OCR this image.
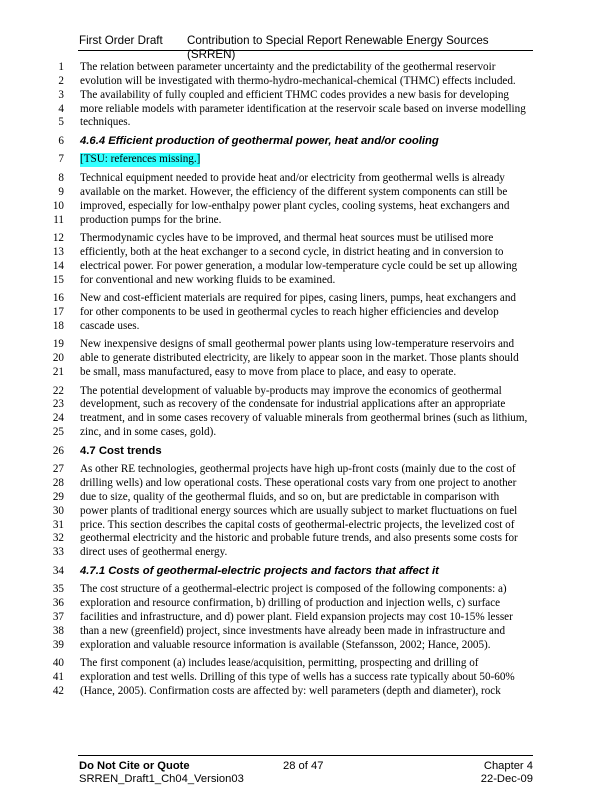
First Order Draft Contribution to Special Report Renewable Energy Sources (SRREN)
1 The relation between parameter uncertainty and the predictability of the geothermal reservoir
2 evolution will be investigated with thermo-hydro-mechanical-chemical (THMC) effects included.
3 The availability of fully coupled and efficient THMC codes provides a new basis for developing
4 more reliable models with parameter identification at the reservoir scale based on inverse modelling
5 techniques.
6 4.6.4 Efficient production of geothermal power, heat and/or cooling
7 [TSU: references missing.]
8 Technical equipment needed to provide heat and/or electricity from geothermal wells is already
9 available on the market. However, the efficiency of the different system components can still be
10 improved, especially for low-enthalpy power plant cycles, cooling systems, heat exchangers and
11 production pumps for the brine.
12 Thermodynamic cycles have to be improved, and thermal heat sources must be utilised more
13 efficiently, both at the heat exchanger to a second cycle, in district heating and in conversion to
14 electrical power. For power generation, a modular low-temperature cycle could be set up allowing
15 for conventional and new working fluids to be examined.
16 New and cost-efficient materials are required for pipes, casing liners, pumps, heat exchangers and
17 for other components to be used in geothermal cycles to reach higher efficiencies and develop
18 cascade uses.
19 New inexpensive designs of small geothermal power plants using low-temperature reservoirs and
20 able to generate distributed electricity, are likely to appear soon in the market. Those plants should
21 be small, mass manufactured, easy to move from place to place, and easy to operate.
22 The potential development of valuable by-products may improve the economics of geothermal
23 development, such as recovery of the condensate for industrial applications after an appropriate
24 treatment, and in some cases recovery of valuable minerals from geothermal brines (such as lithium,
25 zinc, and in some cases, gold).
26 4.7 Cost trends
27 As other RE technologies, geothermal projects have high up-front costs (mainly due to the cost of
28 drilling wells) and low operational costs. These operational costs vary from one project to another
29 due to size, quality of the geothermal fluids, and so on, but are predictable in comparison with
30 power plants of traditional energy sources which are usually subject to market fluctuations on fuel
31 price. This section describes the capital costs of geothermal-electric projects, the levelized cost of
32 geothermal electricity and the historic and probable future trends, and also presents some costs for
33 direct uses of geothermal energy.
34 4.7.1 Costs of geothermal-electric projects and factors that affect it
35 The cost structure of a geothermal-electric project is composed of the following components: a)
36 exploration and resource confirmation, b) drilling of production and injection wells, c) surface
37 facilities and infrastructure, and d) power plant. Field expansion projects may cost 10-15% lesser
38 than a new (greenfield) project, since investments have already been made in infrastructure and
39 exploration and valuable resource information is available (Stefansson, 2002; Hance, 2005).
40 The first component (a) includes lease/acquisition, permitting, prospecting and drilling of
41 exploration and test wells. Drilling of this type of wells has a success rate typically about 50-60%
42 (Hance, 2005). Confirmation costs are affected by: well parameters (depth and diameter), rock
Do Not Cite or Quote
SRREN_Draft1_Ch04_Version03
28 of 47	Chapter 4
22-Dec-09
